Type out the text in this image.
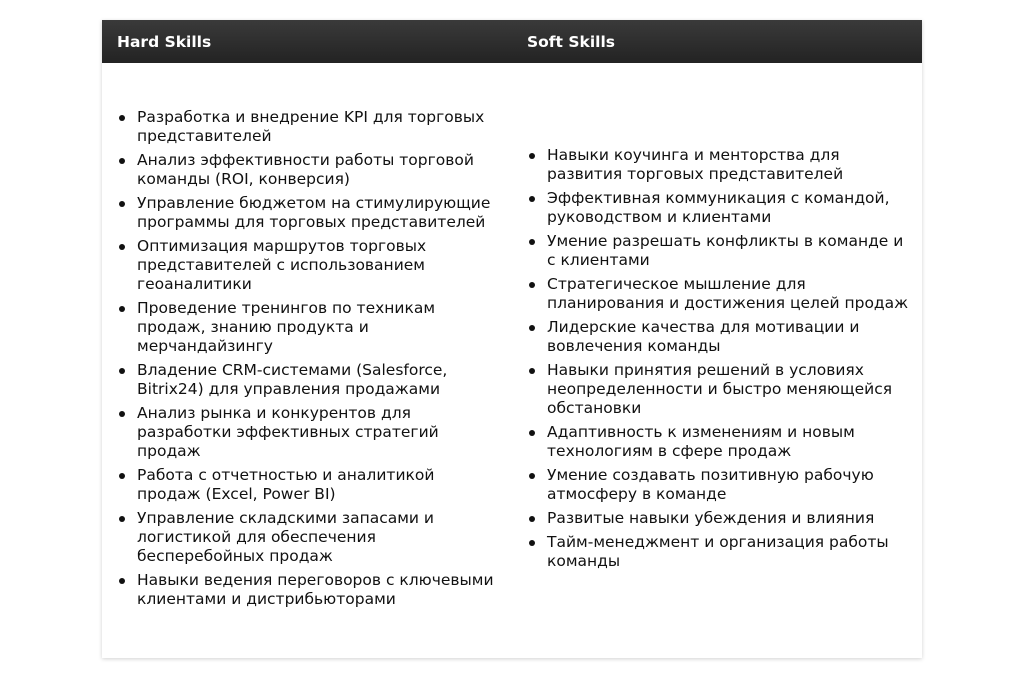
Hard Skills	Soft Skills
Разработка и внедрение KPI для торговых представителей
Анализ эффективности работы торговой команды (ROI, конверсия)
Управление бюджетом на стимулирующие программы для торговых представителей
Оптимизация маршрутов торговых представителей с использованием геоаналитики
Проведение тренингов по техникам продаж, знанию продукта и мерчандайзингу
Владение CRM-системами (Salesforce, Bitrix24) для управления продажами
Анализ рынка и конкурентов для разработки эффективных стратегий продаж
Работа с отчетностью и аналитикой продаж (Excel, Power BI)
Управление складскими запасами и логистикой для обеспечения бесперебойных продаж
Навыки ведения переговоров с ключевыми клиентами и дистрибьюторами
Навыки коучинга и менторства для развития торговых представителей
Эффективная коммуникация с командой, руководством и клиентами
Умение разрешать конфликты в команде и с клиентами
Стратегическое мышление для планирования и достижения целей продаж
Лидерские качества для мотивации и вовлечения команды
Навыки принятия решений в условиях неопределенности и быстро меняющейся обстановки
Адаптивность к изменениям и новым технологиям в сфере продаж
Умение создавать позитивную рабочую атмосферу в команде
Развитые навыки убеждения и влияния
Тайм-менеджмент и организация работы команды
